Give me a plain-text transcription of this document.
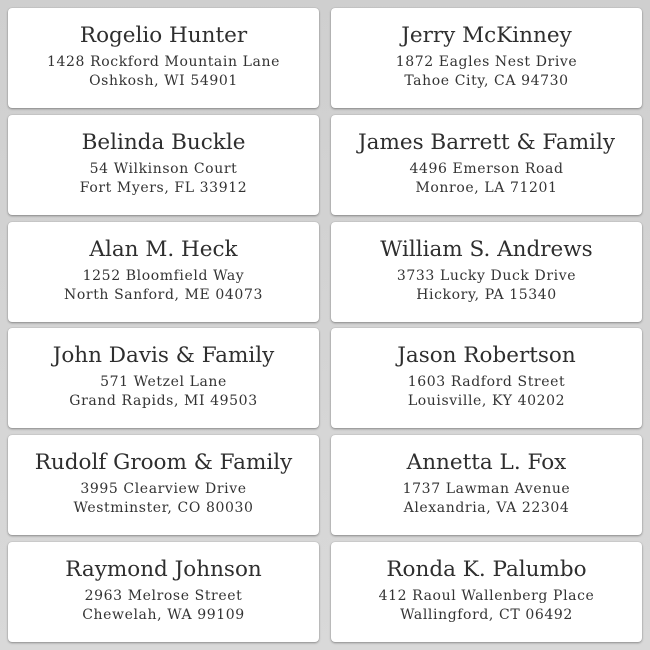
Rogelio Hunter
1428 Rockford Mountain Lane
Oshkosh, WI 54901
Jerry McKinney
1872 Eagles Nest Drive
Tahoe City, CA 94730
Belinda Buckle
54 Wilkinson Court
Fort Myers, FL 33912
James Barrett & Family
4496 Emerson Road
Monroe, LA 71201
Alan M. Heck
1252 Bloomfield Way
North Sanford, ME 04073
William S. Andrews
3733 Lucky Duck Drive
Hickory, PA 15340
John Davis & Family
571 Wetzel Lane
Grand Rapids, MI 49503
Jason Robertson
1603 Radford Street
Louisville, KY 40202
Rudolf Groom & Family
3995 Clearview Drive
Westminster, CO 80030
Annetta L. Fox
1737 Lawman Avenue
Alexandria, VA 22304
Raymond Johnson
2963 Melrose Street
Chewelah, WA 99109
Ronda K. Palumbo
412 Raoul Wallenberg Place
Wallingford, CT 06492
